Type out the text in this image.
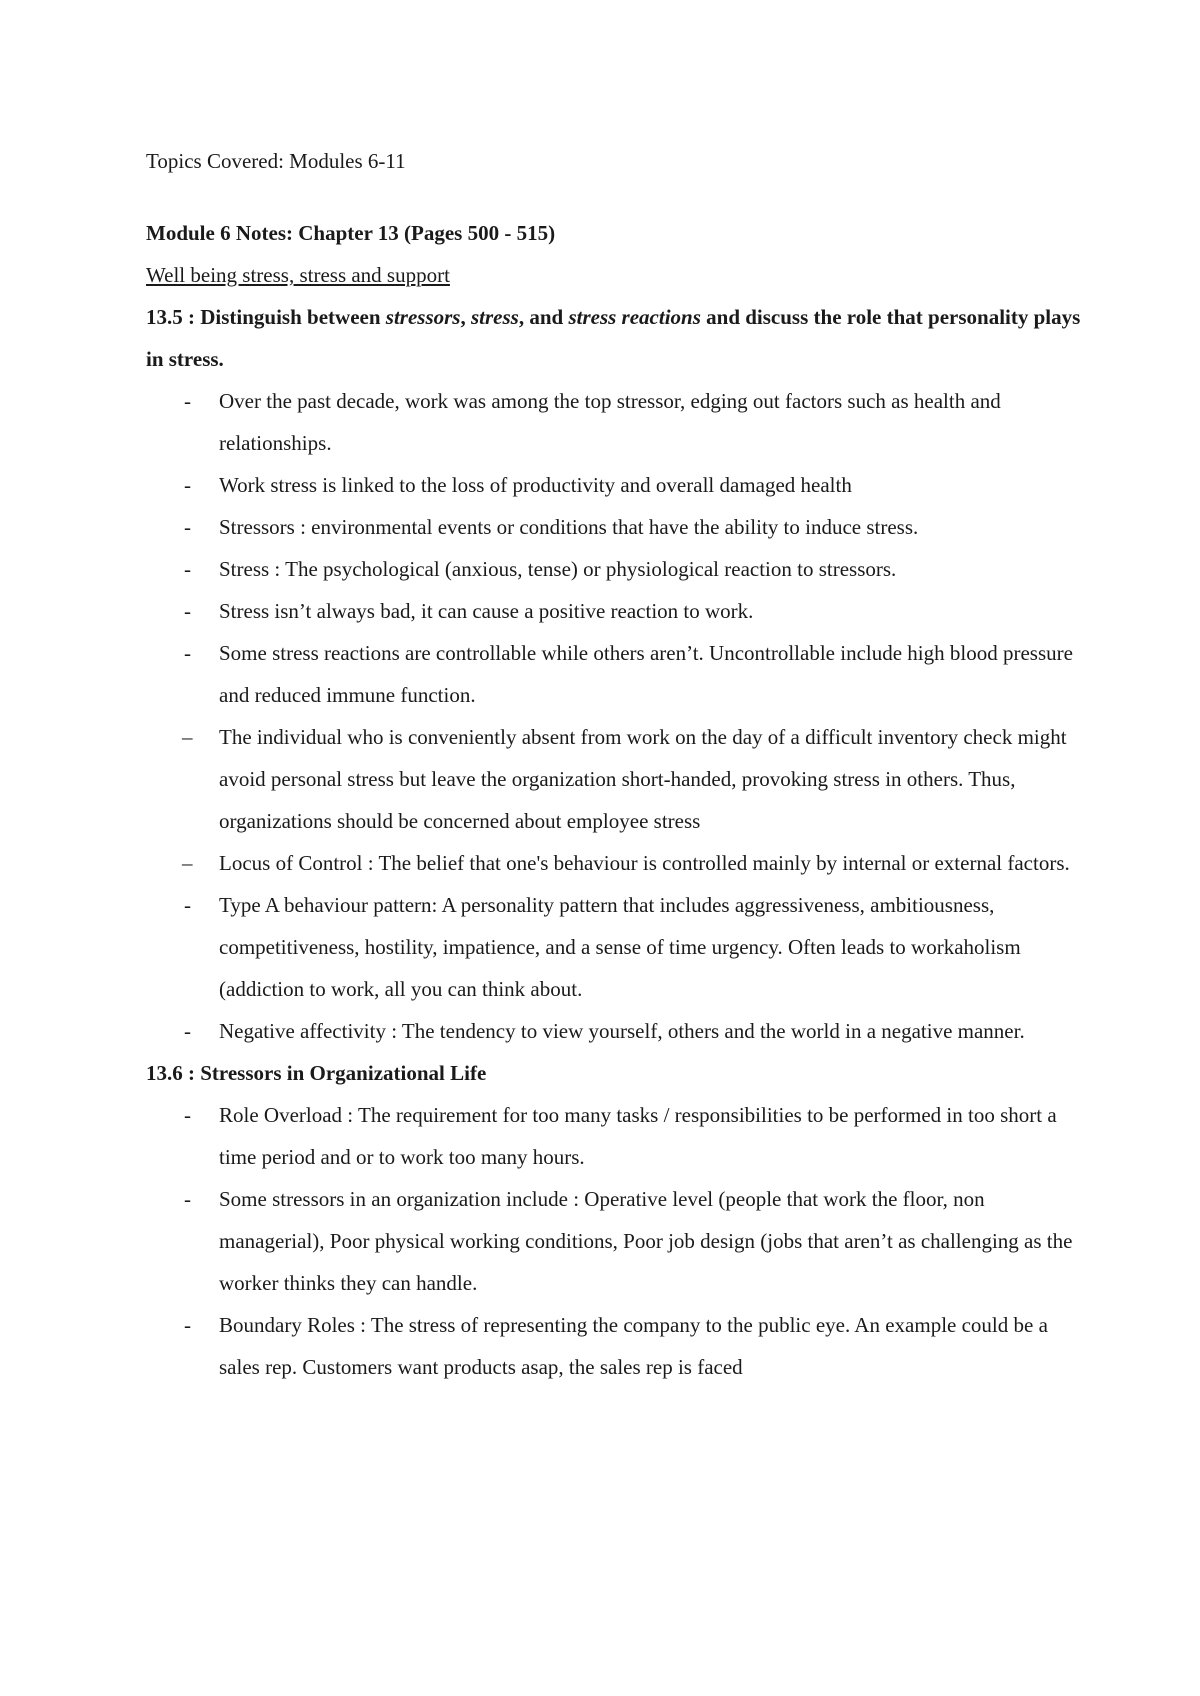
Topics Covered: Modules 6-11

Module 6 Notes: Chapter 13 (Pages 500 - 515)

Well being stress, stress and support

13.5 : Distinguish between stressors, stress, and stress reactions and discuss the role that personality plays in stress.

- Over the past decade, work was among the top stressor, edging out factors such as health and relationships.
- Work stress is linked to the loss of productivity and overall damaged health
- Stressors : environmental events or conditions that have the ability to induce stress.
- Stress : The psychological (anxious, tense) or physiological reaction to stressors.
- Stress isn’t always bad, it can cause a positive reaction to work.
- Some stress reactions are controllable while others aren’t. Uncontrollable include high blood pressure and reduced immune function.
– The individual who is conveniently absent from work on the day of a difficult inventory check might avoid personal stress but leave the organization short-handed, provoking stress in others. Thus, organizations should be concerned about employee stress
– Locus of Control : The belief that one's behaviour is controlled mainly by internal or external factors.
- Type A behaviour pattern: A personality pattern that includes aggressiveness, ambitiousness, competitiveness, hostility, impatience, and a sense of time urgency. Often leads to workaholism (addiction to work, all you can think about.
- Negative affectivity : The tendency to view yourself, others and the world in a negative manner.

13.6 : Stressors in Organizational Life

- Role Overload : The requirement for too many tasks / responsibilities to be performed in too short a time period and or to work too many hours.
- Some stressors in an organization include : Operative level (people that work the floor, non managerial), Poor physical working conditions, Poor job design (jobs that aren’t as challenging as the worker thinks they can handle.
- Boundary Roles : The stress of representing the company to the public eye. An example could be a sales rep. Customers want products asap, the sales rep is faced
